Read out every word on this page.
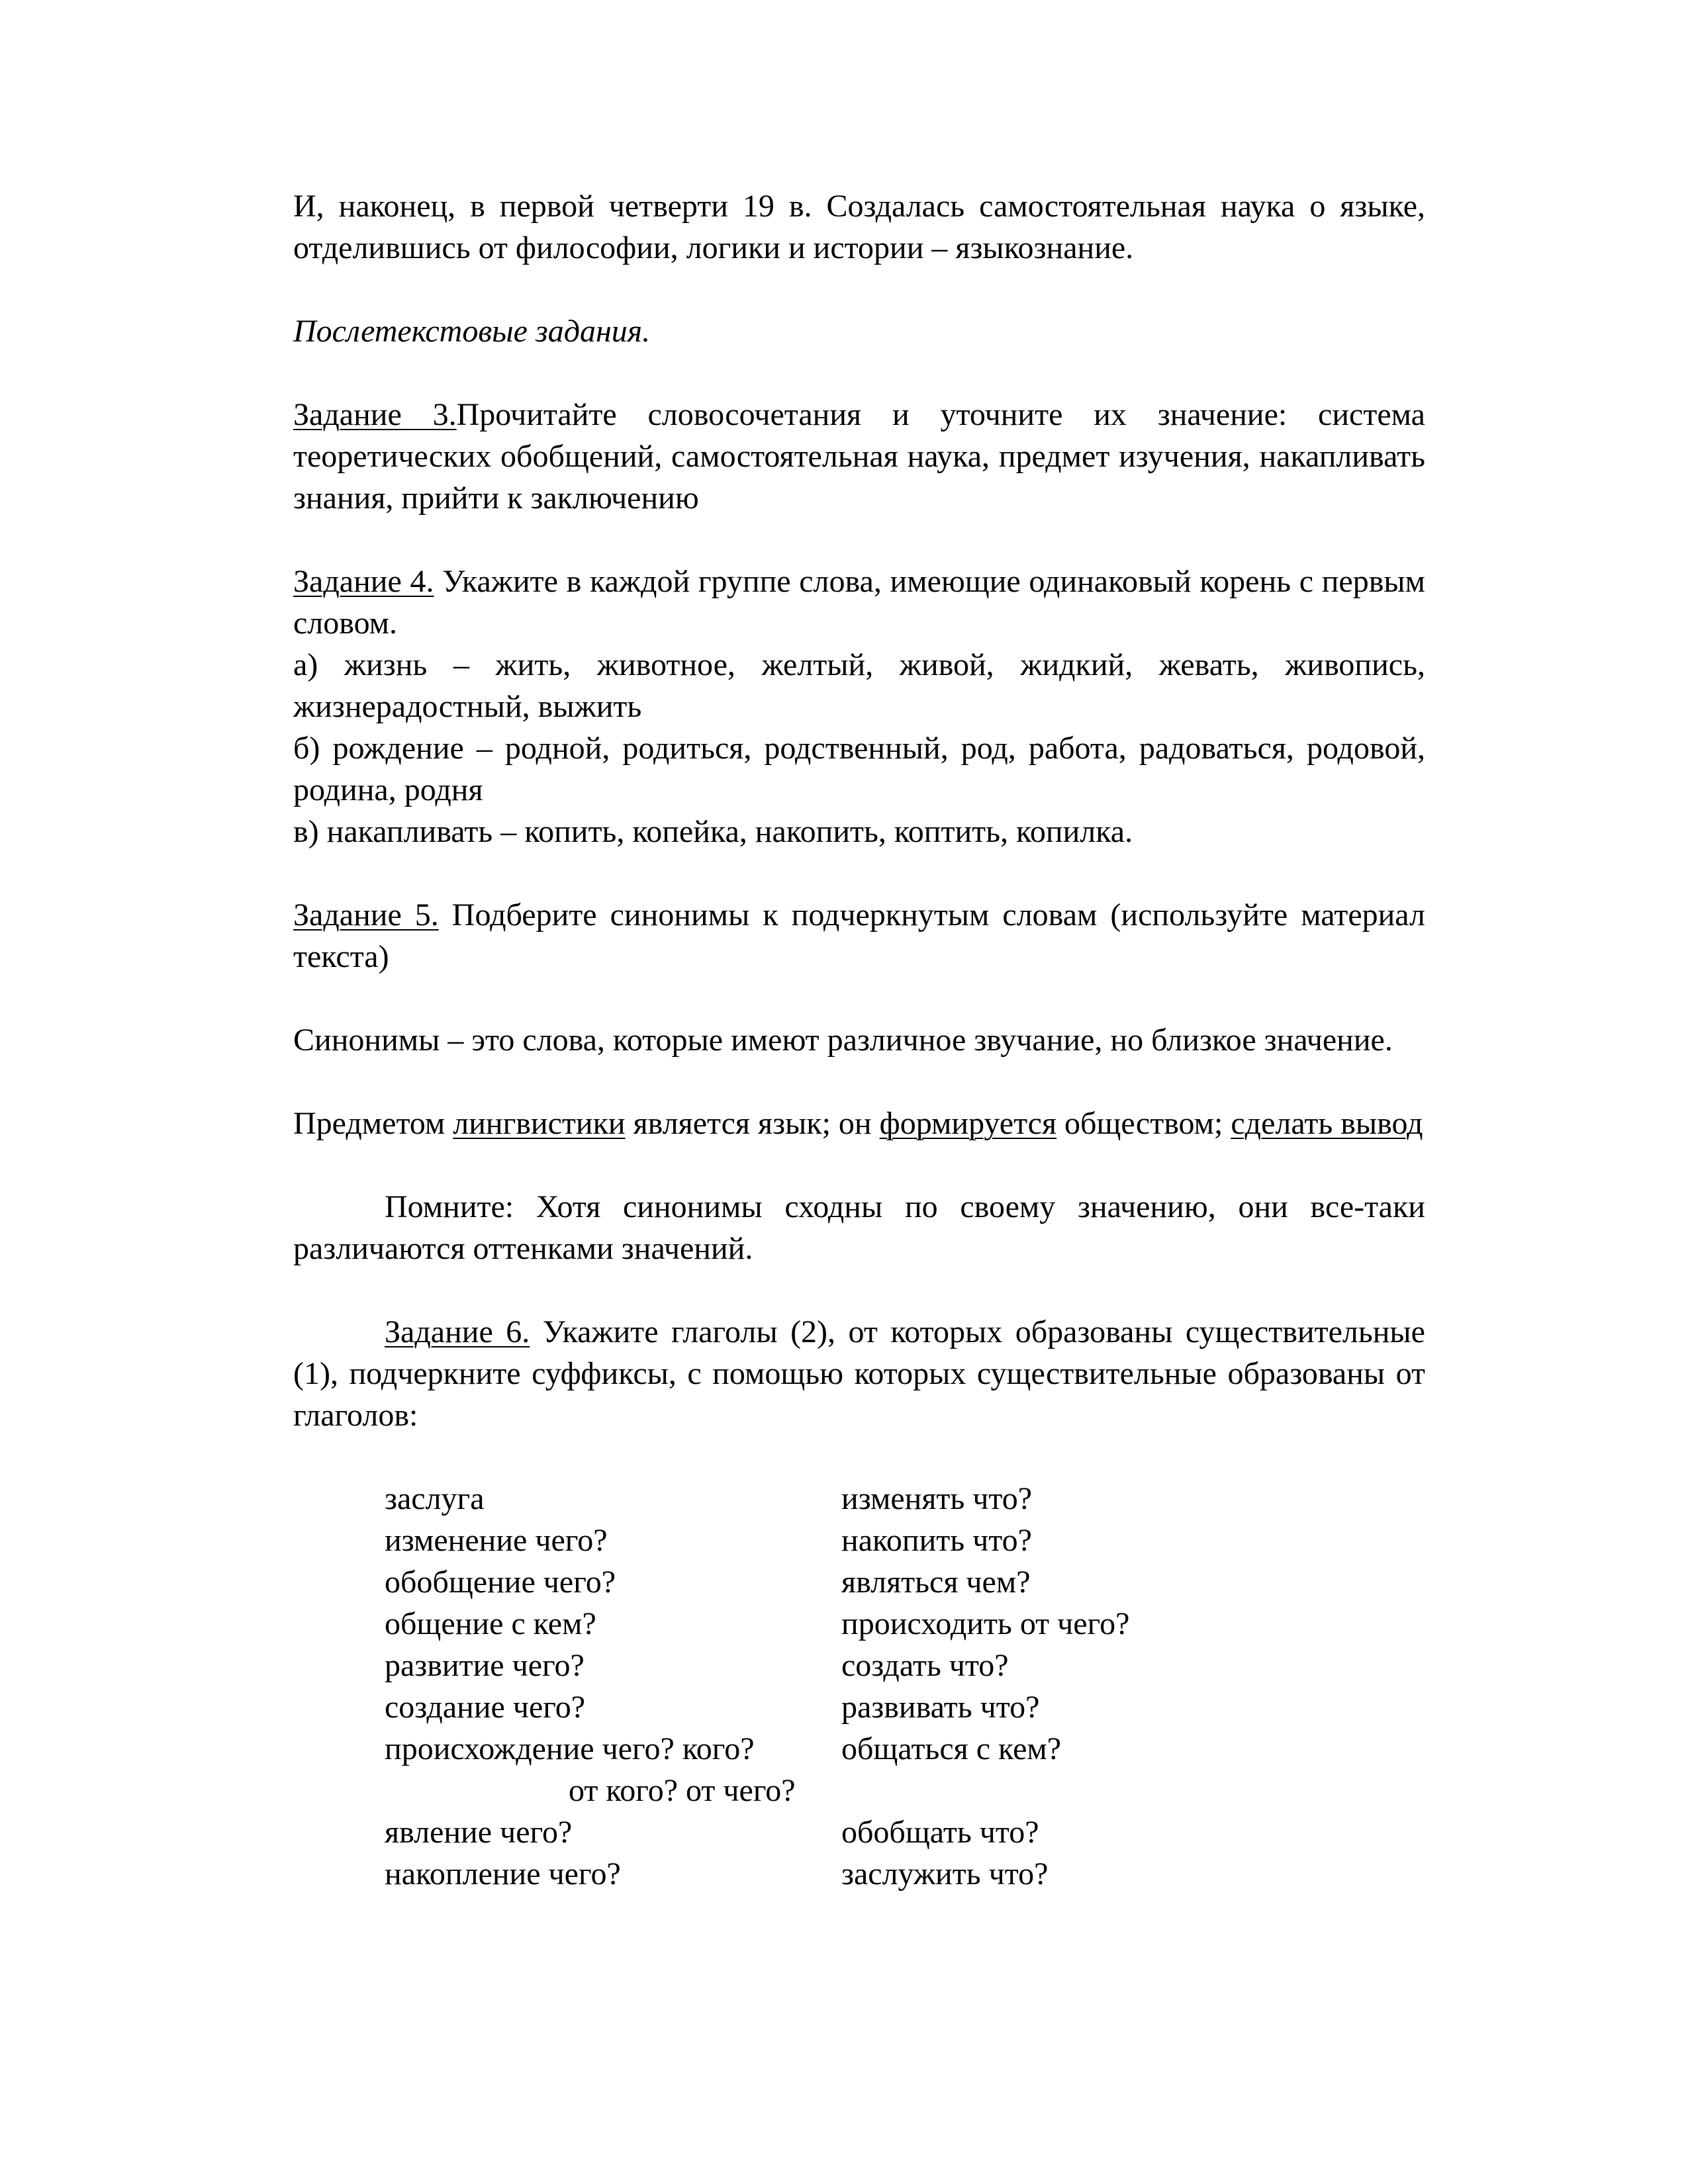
И, наконец, в первой четверти 19 в. Создалась самостоятельная наука о языке, отделившись от философии, логики и истории – языкознание.

Послетекстовые задания.

Задание 3.Прочитайте словосочетания и уточните их значение: система теоретических обобщений, самостоятельная наука, предмет изучения, накапливать знания, прийти к заключению

Задание 4. Укажите в каждой группе слова, имеющие одинаковый корень с первым словом.

а) жизнь – жить, животное, желтый, живой, жидкий, жевать, живопись, жизнерадостный, выжить

б) рождение – родной, родиться, родственный, род, работа, радоваться, родовой, родина, родня

в) накапливать – копить, копейка, накопить, коптить, копилка.

Задание 5. Подберите синонимы к подчеркнутым словам (используйте материал текста)

Синонимы – это слова, которые имеют различное звучание, но близкое значение.

Предметом лингвистики является язык; он формируется обществом; сделать вывод

Помните: Хотя синонимы сходны по своему значению, они все-таки различаются оттенками значений.

Задание 6. Укажите глаголы (2), от которых образованы существительные (1), подчеркните суффиксы, с помощью которых существительные образованы от глаголов:

заслуга	изменять что?
изменение чего?	накопить что?
обобщение чего?	являться чем?
общение с кем?	происходить от чего?
развитие чего?	создать что?
создание чего?	развивать что?
происхождение чего? кого?	общаться с кем?
от кого? от чего?
явление чего?	обобщать что?
накопление чего?	заслужить что?
